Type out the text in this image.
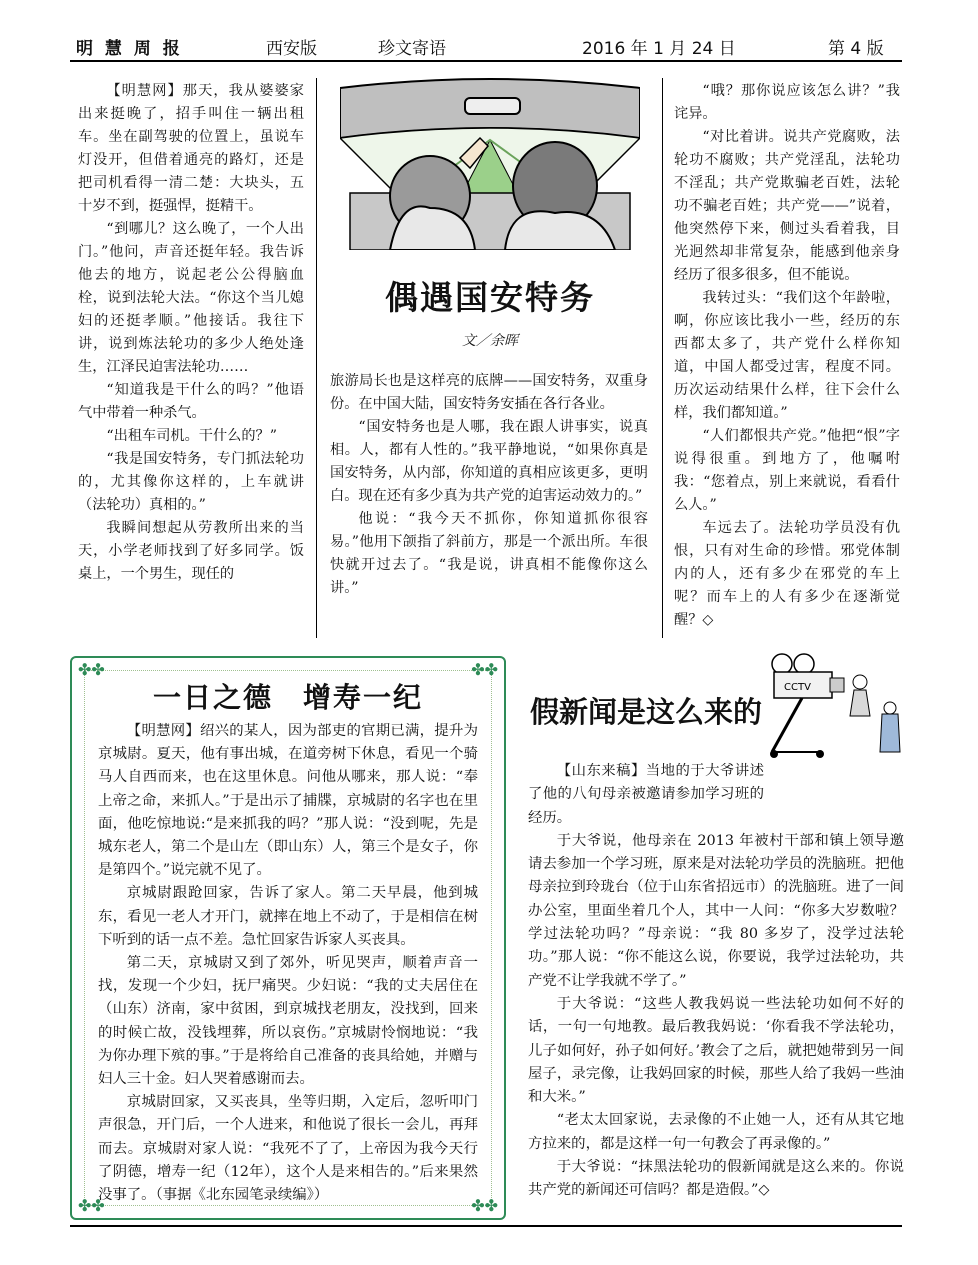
明 慧 周 报	西安版	珍文寄语	2016 年 1 月 24 日	第 4 版

【明慧网】那天，我从婆婆家出来挺晚了，招手叫住一辆出租车。坐在副驾驶的位置上，虽说车灯没开，但借着通亮的路灯，还是把司机看得一清二楚：大块头，五十岁不到，挺强悍，挺精干。

“到哪儿？这么晚了，一个人出门。”他问，声音还挺年轻。我告诉他去的地方，说起老公公得脑血栓，说到法轮大法。“你这个当儿媳妇的还挺孝顺。”他接话。我往下讲，说到炼法轮功的多少人绝处逢生，江泽民迫害法轮功……

“知道我是干什么的吗？”他语气中带着一种杀气。

“出租车司机。干什么的？”

“我是国安特务，专门抓法轮功的，尤其像你这样的，上车就讲（法轮功）真相的。”

我瞬间想起从劳教所出来的当天，小学老师找到了好多同学。饭桌上，一个男生，现任的

偶遇国安特务
文／余晖

旅游局长也是这样亮的底牌——国安特务，双重身份。在中国大陆，国安特务安插在各行各业。

“国安特务也是人哪，我在跟人讲事实，说真相。人，都有人性的。”我平静地说，“如果你真是国安特务，从内部，你知道的真相应该更多，更明白。现在还有多少真为共产党的迫害运动效力的。”

他说：“我今天不抓你，你知道抓你很容易。”他用下颌指了斜前方，那是一个派出所。车很快就开过去了。“我是说，讲真相不能像你这么讲。”

“哦？那你说应该怎么讲？”我诧异。

“对比着讲。说共产党腐败，法轮功不腐败；共产党淫乱，法轮功不淫乱；共产党欺骗老百姓，法轮功不骗老百姓；共产党——”说着，他突然停下来，侧过头看着我，目光迥然却非常复杂，能感到他亲身经历了很多很多，但不能说。

我转过头：“我们这个年龄啦，啊，你应该比我小一些，经历的东西都太多了，共产党什么样你知道，中国人都受过害，程度不同。历次运动结果什么样，往下会什么样，我们都知道。”

“人们都恨共产党。”他把“恨”字说得很重。到地方了，他嘱咐我：“您着点，别上来就说，看看什么人。”

车远去了。法轮功学员没有仇恨，只有对生命的珍惜。邪党体制内的人，还有多少在邪党的车上呢？而车上的人有多少在逐渐觉醒？◇

✤✤	✤✤
✤✤	✤✤
一日之德　增寿一纪

【明慧网】绍兴的某人，因为部吏的官期已满，提升为京城尉。夏天，他有事出城，在道旁树下休息，看见一个骑马人自西而来，也在这里休息。问他从哪来，那人说：“奉上帝之命，来抓人。”于是出示了捕牒，京城尉的名字也在里面，他吃惊地说:“是来抓我的吗？”那人说：“没到呢，先是城东老人，第二个是山左（即山东）人，第三个是女子，你是第四个。”说完就不见了。

京城尉跟跄回家，告诉了家人。第二天早晨，他到城东，看见一老人才开门，就摔在地上不动了，于是相信在树下听到的话一点不差。急忙回家告诉家人买丧具。

第二天，京城尉又到了郊外，听见哭声，顺着声音一找，发现一个少妇，抚尸痛哭。少妇说：“我的丈夫居住在（山东）济南，家中贫困，到京城找老朋友，没找到，回来的时候亡故，没钱埋葬，所以哀伤。”京城尉怜悯地说：“我为你办理下殡的事。”于是将给自己准备的丧具给她，并赠与妇人三十金。妇人哭着感谢而去。

京城尉回家，又买丧具，坐等归期，入定后，忽听叩门声很急，开门后，一个人进来，和他说了很长一会儿，再拜而去。京城尉对家人说：“我死不了了，上帝因为我今天行了阴德，增寿一纪（12年），这个人是来相告的。”后来果然没事了。（事据《北东园笔录续编》）

假新闻是这么来的
CCTV

【山东来稿】当地的于大爷讲述了他的八旬母亲被邀请参加学习班的经历。

于大爷说，他母亲在 2013 年被村干部和镇上领导邀请去参加一个学习班，原来是对法轮功学员的洗脑班。把他母亲拉到玲珑台（位于山东省招远市）的洗脑班。进了一间办公室，里面坐着几个人，其中一人问：“你多大岁数啦？学过法轮功吗？”母亲说：“我 80 多岁了，没学过法轮功。”那人说：“你不能这么说，你要说，我学过法轮功，共产党不让学我就不学了。”

于大爷说：“这些人教我妈说一些法轮功如何不好的话，一句一句地教。最后教我妈说：‘你看我不学法轮功，儿子如何好，孙子如何好。’教会了之后，就把她带到另一间屋子，录完像，让我妈回家的时候，那些人给了我妈一些油和大米。”

“老太太回家说，去录像的不止她一人，还有从其它地方拉来的，都是这样一句一句教会了再录像的。”

于大爷说：“抹黑法轮功的假新闻就是这么来的。你说共产党的新闻还可信吗？都是造假。”◇
